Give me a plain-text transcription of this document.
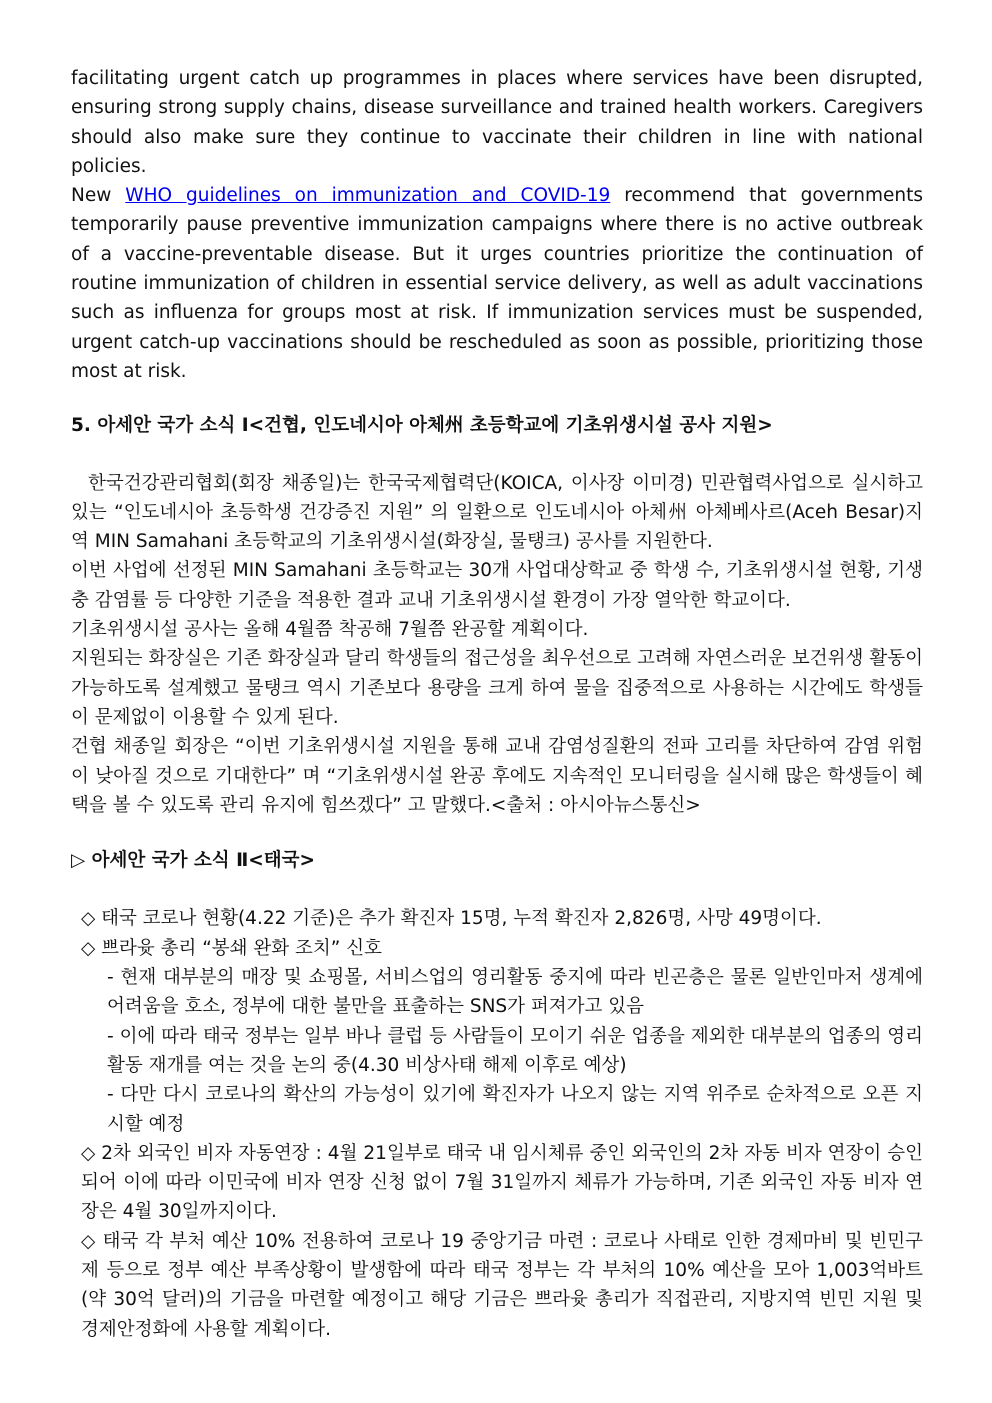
facilitating urgent catch up programmes in places where services have been disrupted, ensuring strong supply chains, disease surveillance and trained health workers. Caregivers should also make sure they continue to vaccinate their children in line with national policies.

New WHO guidelines on immunization and COVID-19 recommend that governments temporarily pause preventive immunization campaigns where there is no active outbreak of a vaccine-preventable disease. But it urges countries prioritize the continuation of routine immunization of children in essential service delivery, as well as adult vaccinations such as influenza for groups most at risk. If immunization services must be suspended, urgent catch-up vaccinations should be rescheduled as soon as possible, prioritizing those most at risk.

5. 아세안 국가 소식 Ⅰ<건협, 인도네시아 아체州 초등학교에 기초위생시설 공사 지원>

한국건강관리협회(회장 채종일)는 한국국제협력단(KOICA, 이사장 이미경) 민관협력사업으로 실시하고 있는 “인도네시아 초등학생 건강증진 지원” 의 일환으로 인도네시아 아체州 아체베사르(Aceh Besar)지역 MIN Samahani 초등학교의 기초위생시설(화장실, 물탱크) 공사를 지원한다.

이번 사업에 선정된 MIN Samahani 초등학교는 30개 사업대상학교 중 학생 수, 기초위생시설 현황, 기생충 감염률 등 다양한 기준을 적용한 결과 교내 기초위생시설 환경이 가장 열악한 학교이다.

기초위생시설 공사는 올해 4월쯤 착공해 7월쯤 완공할 계획이다.

지원되는 화장실은 기존 화장실과 달리 학생들의 접근성을 최우선으로 고려해 자연스러운 보건위생 활동이 가능하도록 설계했고 물탱크 역시 기존보다 용량을 크게 하여 물을 집중적으로 사용하는 시간에도 학생들이 문제없이 이용할 수 있게 된다.

건협 채종일 회장은 “이번 기초위생시설 지원을 통해 교내 감염성질환의 전파 고리를 차단하여 감염 위험이 낮아질 것으로 기대한다” 며 “기초위생시설 완공 후에도 지속적인 모니터링을 실시해 많은 학생들이 혜택을 볼 수 있도록 관리 유지에 힘쓰겠다” 고 말했다.<출처 : 아시아뉴스통신>

▷ 아세안 국가 소식 Ⅱ<태국>

◇ 태국 코로나 현황(4.22 기준)은 추가 확진자 15명, 누적 확진자 2,826명, 사망 49명이다.

◇ 쁘라윳 총리 “봉쇄 완화 조치” 신호

- 현재 대부분의 매장 및 쇼핑몰, 서비스업의 영리활동 중지에 따라 빈곤층은 물론 일반인마저 생계에 어려움을 호소, 정부에 대한 불만을 표출하는 SNS가 퍼져가고 있음

- 이에 따라 태국 정부는 일부 바나 클럽 등 사람들이 모이기 쉬운 업종을 제외한 대부분의 업종의 영리활동 재개를 여는 것을 논의 중(4.30 비상사태 해제 이후로 예상)

- 다만 다시 코로나의 확산의 가능성이 있기에 확진자가 나오지 않는 지역 위주로 순차적으로 오픈 지시할 예정

◇ 2차 외국인 비자 자동연장 : 4월 21일부로 태국 내 임시체류 중인 외국인의 2차 자동 비자 연장이 승인되어 이에 따라 이민국에 비자 연장 신청 없이 7월 31일까지 체류가 가능하며, 기존 외국인 자동 비자 연장은 4월 30일까지이다.

◇ 태국 각 부처 예산 10% 전용하여 코로나 19 중앙기금 마련 : 코로나 사태로 인한 경제마비 및 빈민구제 등으로 정부 예산 부족상황이 발생함에 따라 태국 정부는 각 부처의 10% 예산을 모아 1,003억바트(약 30억 달러)의 기금을 마련할 예정이고 해당 기금은 쁘라윳 총리가 직접관리, 지방지역 빈민 지원 및 경제안정화에 사용할 계획이다.
